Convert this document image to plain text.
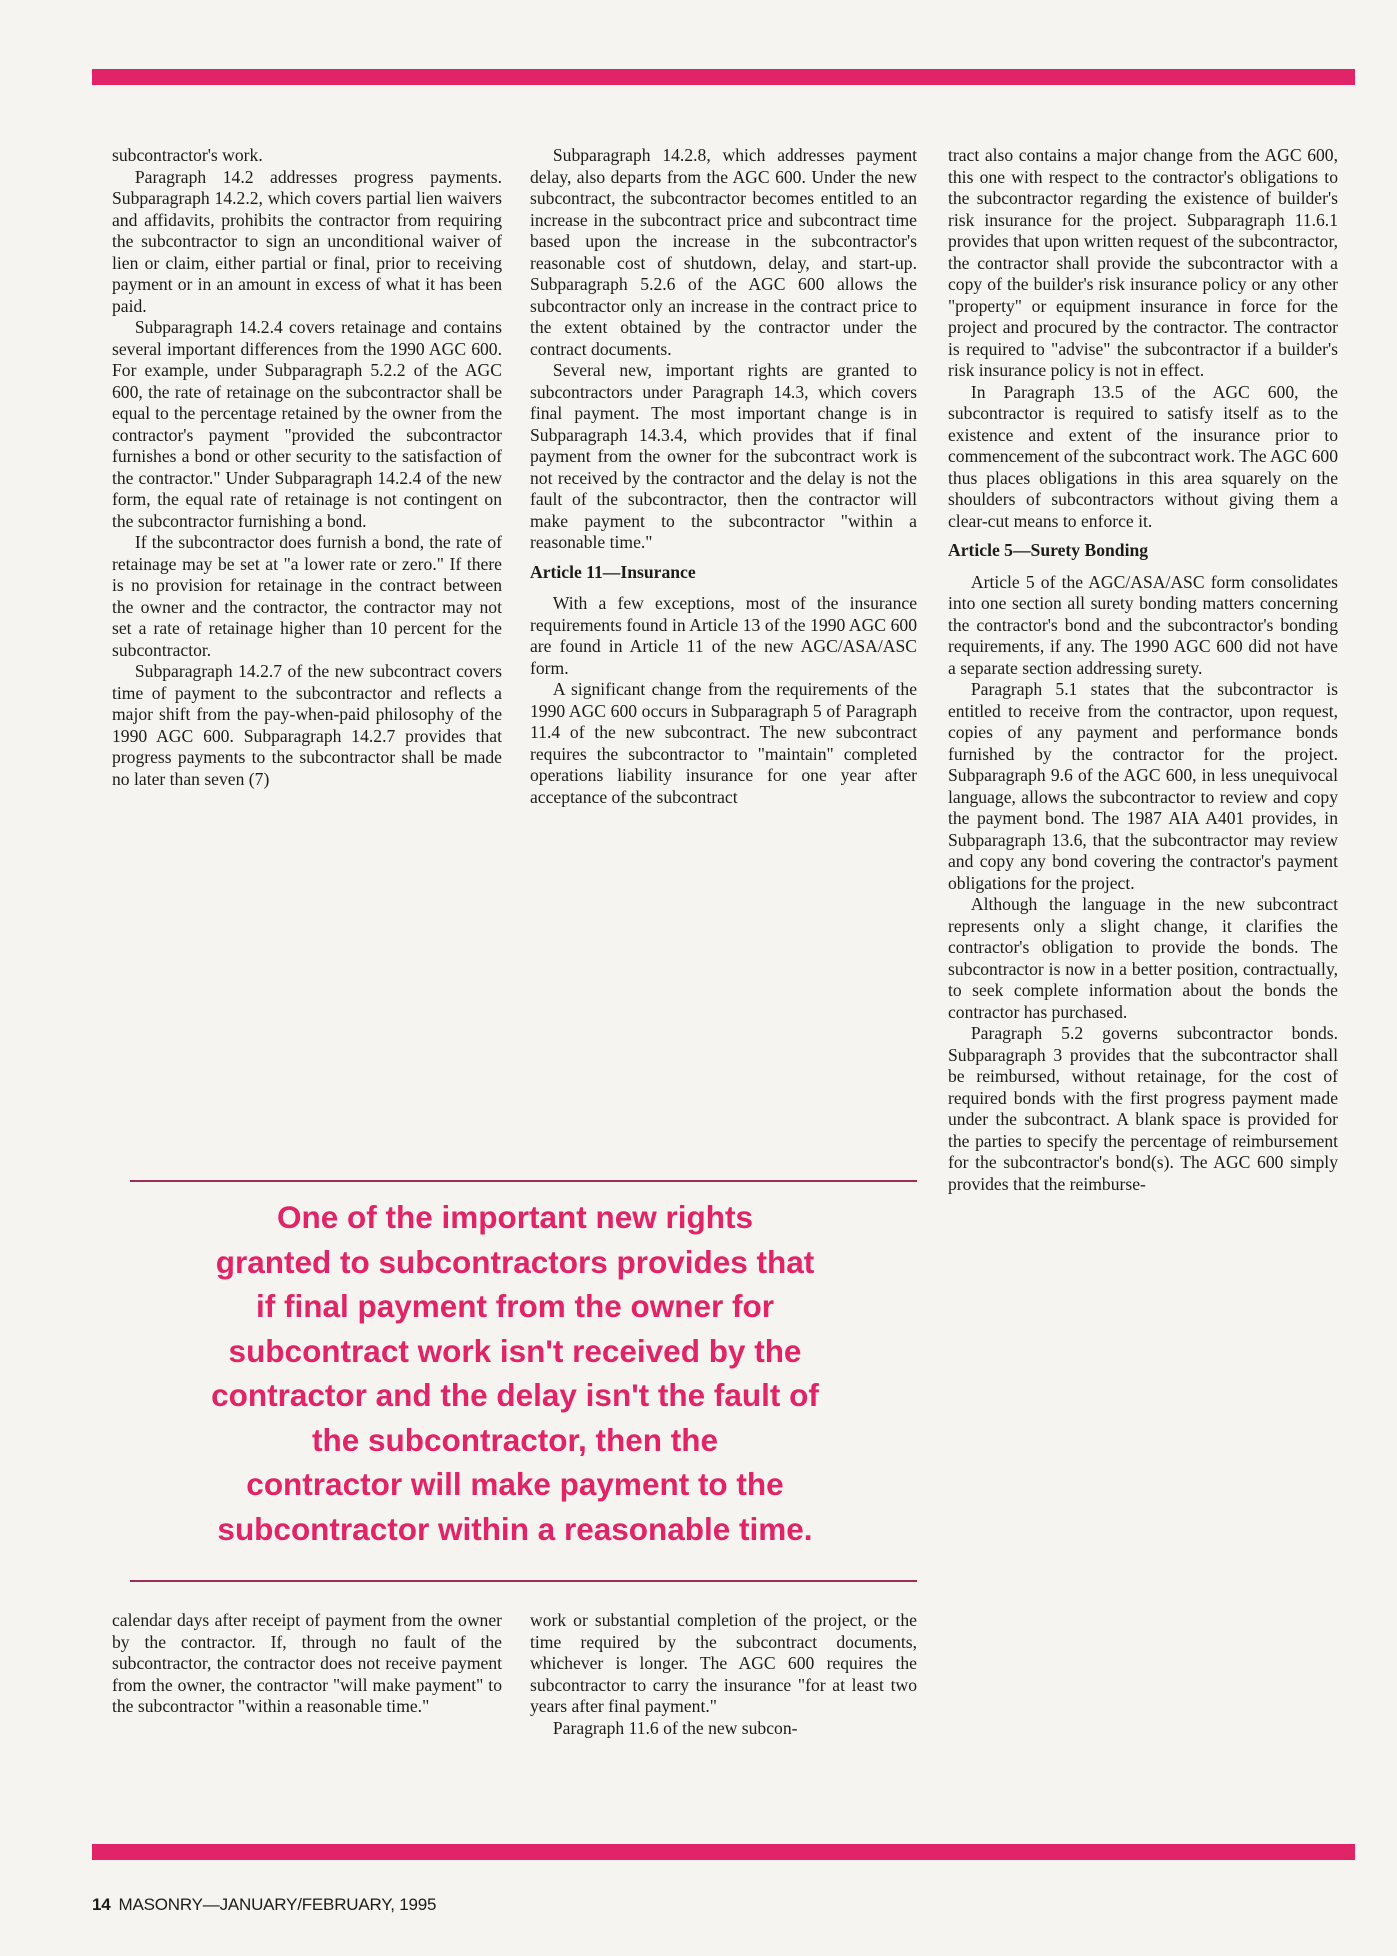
subcontractor's work.

Paragraph 14.2 addresses progress payments. Subparagraph 14.2.2, which covers partial lien waivers and affidavits, prohibits the contractor from requiring the subcontractor to sign an unconditional waiver of lien or claim, either partial or final, prior to receiving payment or in an amount in excess of what it has been paid.

Subparagraph 14.2.4 covers retainage and contains several important differences from the 1990 AGC 600. For example, under Subparagraph 5.2.2 of the AGC 600, the rate of retainage on the subcontractor shall be equal to the percentage retained by the owner from the contractor's payment "provided the subcontractor furnishes a bond or other security to the satisfaction of the contractor." Under Subparagraph 14.2.4 of the new form, the equal rate of retainage is not contingent on the subcontractor furnishing a bond.

If the subcontractor does furnish a bond, the rate of retainage may be set at "a lower rate or zero." If there is no provision for retainage in the contract between the owner and the contractor, the contractor may not set a rate of retainage higher than 10 percent for the subcontractor.

Subparagraph 14.2.7 of the new subcontract covers time of payment to the subcontractor and reflects a major shift from the pay-when-paid philosophy of the 1990 AGC 600. Subparagraph 14.2.7 provides that progress payments to the subcontractor shall be made no later than seven (7)

Subparagraph 14.2.8, which addresses payment delay, also departs from the AGC 600. Under the new subcontract, the subcontractor becomes entitled to an increase in the subcontract price and subcontract time based upon the increase in the subcontractor's reasonable cost of shutdown, delay, and start-up. Subparagraph 5.2.6 of the AGC 600 allows the subcontractor only an increase in the contract price to the extent obtained by the contractor under the contract documents.

Several new, important rights are granted to subcontractors under Paragraph 14.3, which covers final payment. The most important change is in Subparagraph 14.3.4, which provides that if final payment from the owner for the subcontract work is not received by the contractor and the delay is not the fault of the subcontractor, then the contractor will make payment to the subcontractor "within a reasonable time."

Article 11—Insurance

With a few exceptions, most of the insurance requirements found in Article 13 of the 1990 AGC 600 are found in Article 11 of the new AGC/ASA/ASC form.

A significant change from the requirements of the 1990 AGC 600 occurs in Subparagraph 5 of Paragraph 11.4 of the new subcontract. The new subcontract requires the subcontractor to "maintain" completed operations liability insurance for one year after acceptance of the subcontract

tract also contains a major change from the AGC 600, this one with respect to the contractor's obligations to the subcontractor regarding the existence of builder's risk insurance for the project. Subparagraph 11.6.1 provides that upon written request of the subcontractor, the contractor shall provide the subcontractor with a copy of the builder's risk insurance policy or any other "property" or equipment insurance in force for the project and procured by the contractor. The contractor is required to "advise" the subcontractor if a builder's risk insurance policy is not in effect.

In Paragraph 13.5 of the AGC 600, the subcontractor is required to satisfy itself as to the existence and extent of the insurance prior to commencement of the subcontract work. The AGC 600 thus places obligations in this area squarely on the shoulders of subcontractors without giving them a clear-cut means to enforce it.

Article 5—Surety Bonding

Article 5 of the AGC/ASA/ASC form consolidates into one section all surety bonding matters concerning the contractor's bond and the subcontractor's bonding requirements, if any. The 1990 AGC 600 did not have a separate section addressing surety.

Paragraph 5.1 states that the subcontractor is entitled to receive from the contractor, upon request, copies of any payment and performance bonds furnished by the contractor for the project. Subparagraph 9.6 of the AGC 600, in less unequivocal language, allows the subcontractor to review and copy the payment bond. The 1987 AIA A401 provides, in Subparagraph 13.6, that the subcontractor may review and copy any bond covering the contractor's payment obligations for the project.

Although the language in the new subcontract represents only a slight change, it clarifies the contractor's obligation to provide the bonds. The subcontractor is now in a better position, contractually, to seek complete information about the bonds the contractor has purchased.

Paragraph 5.2 governs subcontractor bonds. Subparagraph 3 provides that the subcontractor shall be reimbursed, without retainage, for the cost of required bonds with the first progress payment made under the subcontract. A blank space is provided for the parties to specify the percentage of reimbursement for the subcontractor's bond(s). The AGC 600 simply provides that the reimburse-

One of the important new rights
granted to subcontractors provides that
if final payment from the owner for
subcontract work isn't received by the
contractor and the delay isn't the fault of
the subcontractor, then the
contractor will make payment to the
subcontractor within a reasonable time.

calendar days after receipt of payment from the owner by the contractor. If, through no fault of the subcontractor, the contractor does not receive payment from the owner, the contractor "will make payment" to the subcontractor "within a reasonable time."

work or substantial completion of the project, or the time required by the subcontract documents, whichever is longer. The AGC 600 requires the subcontractor to carry the insurance "for at least two years after final payment."

Paragraph 11.6 of the new subcon-

14 MASONRY—JANUARY/FEBRUARY, 1995
